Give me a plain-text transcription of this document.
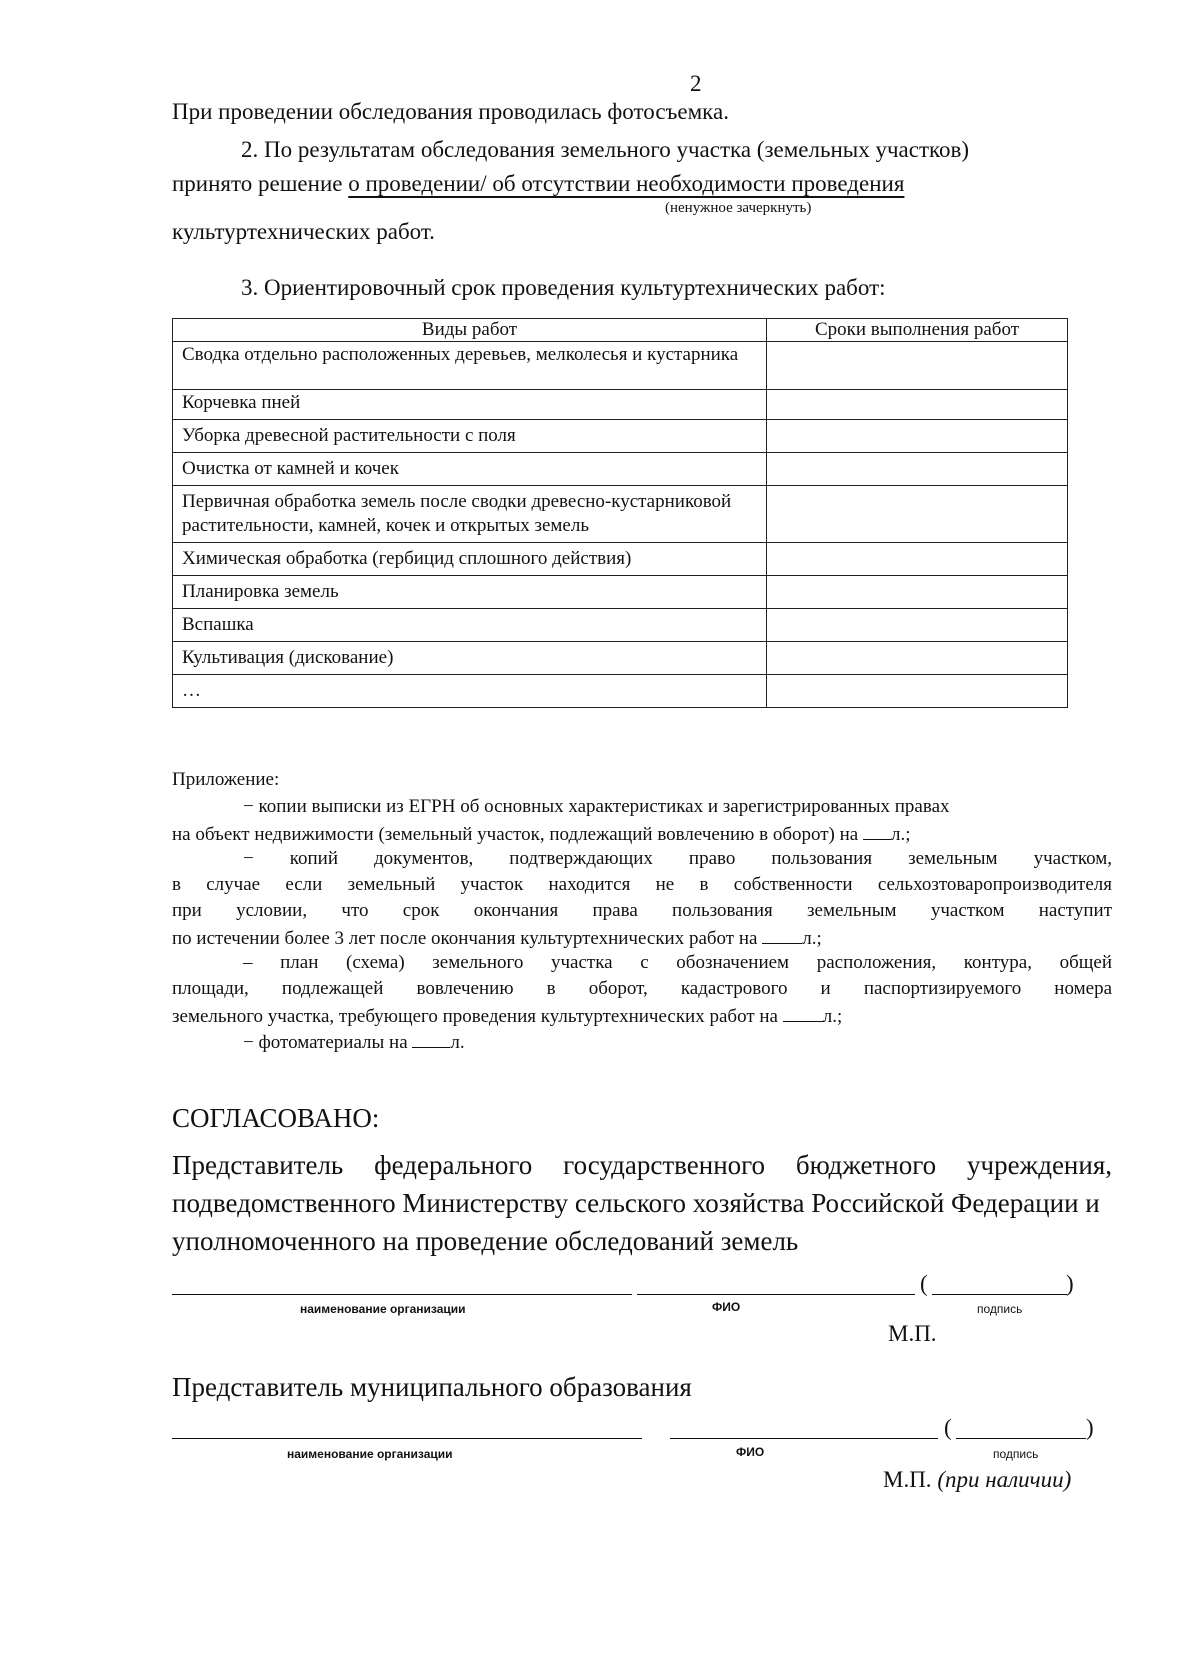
2
При проведении обследования проводилась фотосъемка.
2. По результатам обследования земельного участка (земельных участков)
принято решение о проведении/ об отсутствии необходимости проведения
(ненужное зачеркнуть)
культуртехнических работ.
3. Ориентировочный срок проведения культуртехнических работ:
Виды работ	Сроки выполнения работ
Сводка отдельно расположенных деревьев, мелколесья и кустарника	
Корчевка пней	
Уборка древесной растительности с поля	
Очистка от камней и кочек	
Первичная обработка земель после сводки древесно-кустарниковой растительности, камней, кочек и открытых земель	
Химическая обработка (гербицид сплошного действия)	
Планировка земель	
Вспашка	
Культивация (дискование)	
…	
Приложение:
− копии выписки из ЕГРН об основных характеристиках и зарегистрированных правах
на объект недвижимости (земельный участок, подлежащий вовлечению в оборот) на л.;
− копий документов, подтверждающих право пользования земельным участком,
в случае если земельный участок находится не в собственности сельхозтоваропроизводителя
при условии, что срок окончания права пользования земельным участком наступит
по истечении более 3 лет после окончания культуртехнических работ на л.;
– план (схема) земельного участка с обозначением расположения, контура, общей
площади, подлежащей вовлечению в оборот, кадастрового и паспортизируемого номера
земельного участка, требующего проведения культуртехнических работ на л.;
− фотоматериалы на л.
СОГЛАСОВАНО:
Представитель федерального государственного бюджетного учреждения,
подведомственного Министерству сельского хозяйства Российской Федерации и
уполномоченного на проведение обследований земель
(	)
наименование организации	ФИО	подпись
М.П.
Представитель муниципального образования
(	)
наименование организации	ФИО	подпись
М.П. (при наличии)
